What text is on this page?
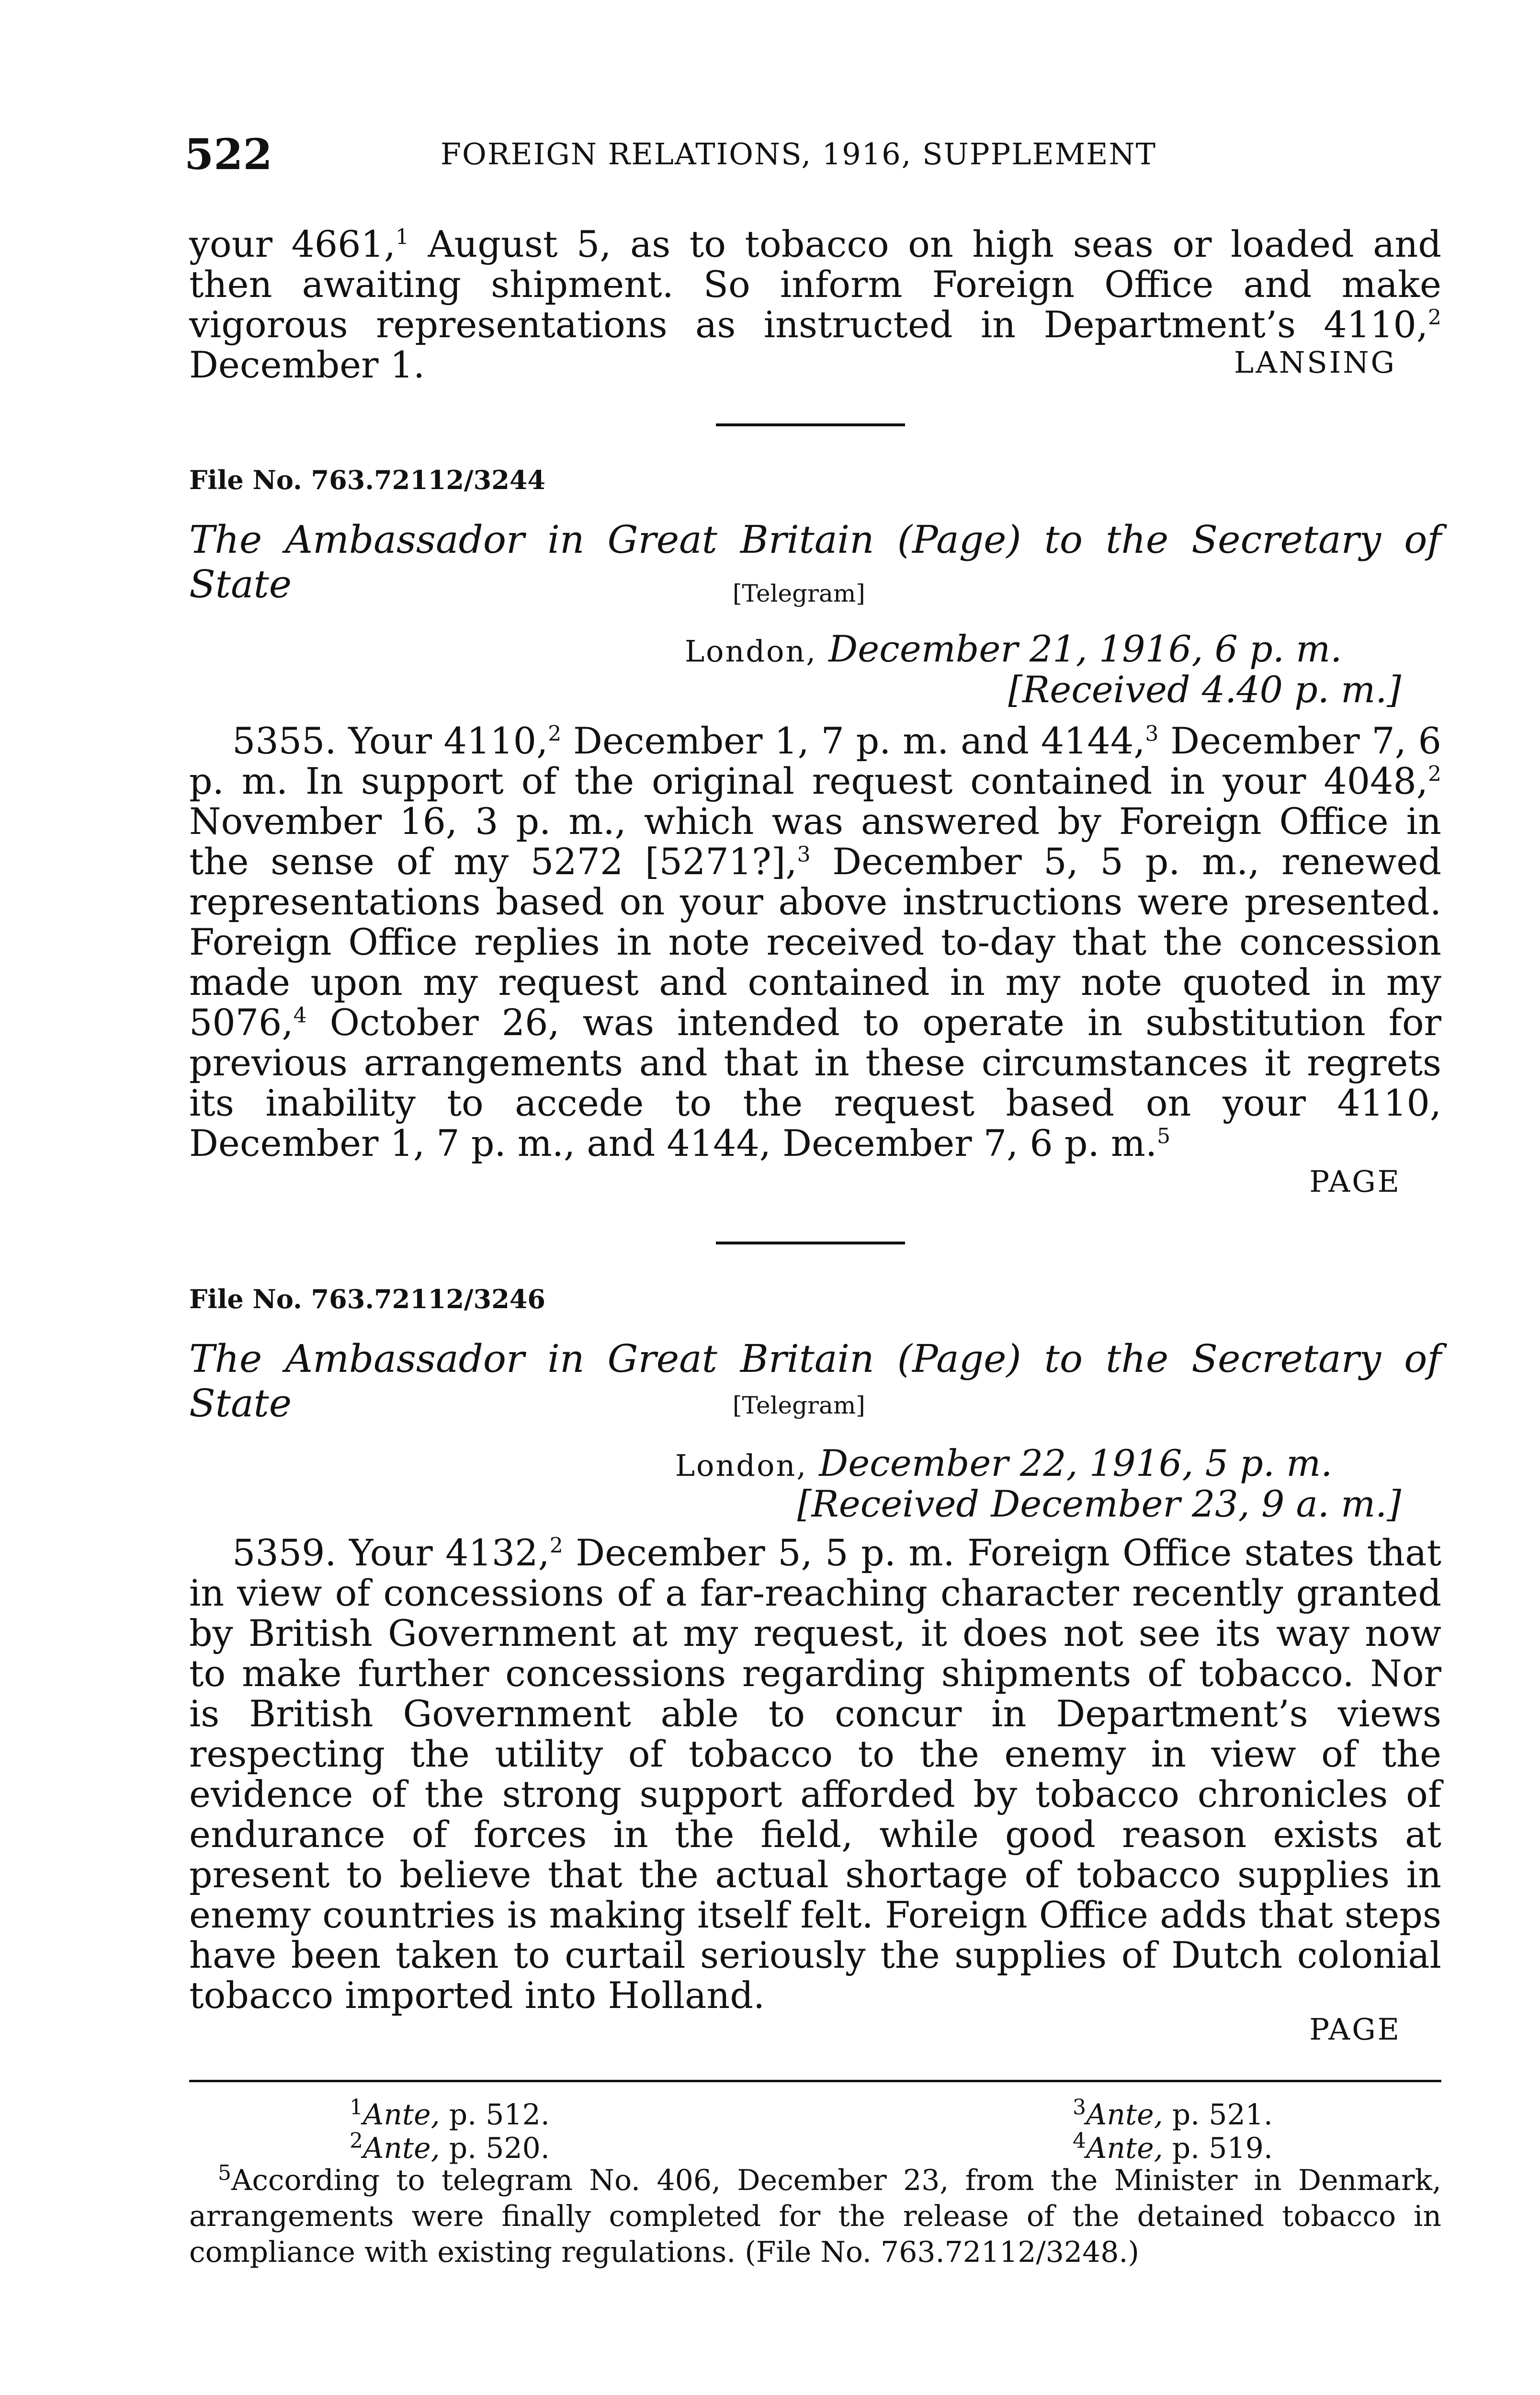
522	FOREIGN RELATIONS, 1916, SUPPLEMENT
your 4661,$^1$ August 5, as to tobacco on high seas or loaded and then awaiting shipment. So inform Foreign Office and make vigorous representations as instructed in Department’s 4110,$^2$ December 1.	LANSING
File No. 763.72112/3244
The Ambassador in Great Britain (Page) to the Secretary of State	[Telegram]
London, December 21, 1916, 6 p. m.
[Received 4.40 p. m.]
5355. Your 4110,$^2$ December 1, 7 p. m. and 4144,$^3$ December 7, 6 p. m. In support of the original request contained in your 4048,$^2$ November 16, 3 p. m., which was answered by Foreign Office in the sense of my 5272 [5271?],$^3$ December 5, 5 p. m., renewed representations based on your above instructions were presented. Foreign Office replies in note received to-day that the concession made upon my request and contained in my note quoted in my 5076,$^4$ October 26, was intended to operate in substitution for previous arrangements and that in these circumstances it regrets its inability to accede to the request based on your 4110, December 1, 7 p. m., and 4144, December 7, 6 p. m.$^5$
PAGE
File No. 763.72112/3246
The Ambassador in Great Britain (Page) to the Secretary of State	[Telegram]
London, December 22, 1916, 5 p. m.
[Received December 23, 9 a. m.]
5359. Your 4132,$^2$ December 5, 5 p. m. Foreign Office states that in view of concessions of a far-reaching character recently granted by British Government at my request, it does not see its way now to make further concessions regarding shipments of tobacco. Nor is British Government able to concur in Department’s views respecting the utility of tobacco to the enemy in view of the evidence of the strong support afforded by tobacco chronicles of endurance of forces in the field, while good reason exists at present to believe that the actual shortage of tobacco supplies in enemy countries is making itself felt. Foreign Office adds that steps have been taken to curtail seriously the supplies of Dutch colonial tobacco imported into Holland.
PAGE
$^1$Ante, p. 512.	$^3$Ante, p. 521.
$^2$Ante, p. 520.	$^4$Ante, p. 519.
$^5$According to telegram No. 406, December 23, from the Minister in Denmark, arrangements were finally completed for the release of the detained tobacco in compliance with existing regulations. (File No. 763.72112/3248.)
